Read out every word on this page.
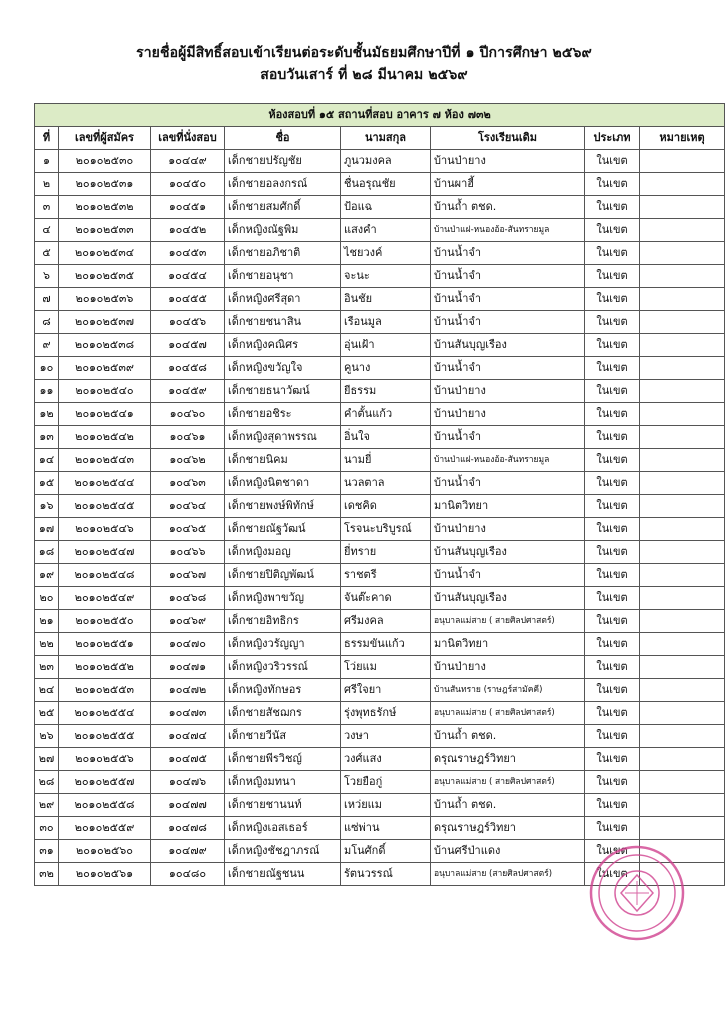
รายชื่อผู้มีสิทธิ์สอบเข้าเรียนต่อระดับชั้นมัธยมศึกษาปีที่ ๑ ปีการศึกษา ๒๕๖๙
สอบวันเสาร์ ที่ ๒๘ มีนาคม ๒๕๖๙
ห้องสอบที่ ๑๕ สถานที่สอบ อาคาร ๗ ห้อง ๗๓๒							
ที่	เลขที่ผู้สมัคร	เลขที่นั่งสอบ	ชื่อ	นามสกุล	โรงเรียนเดิม	ประเภท	หมายเหตุ
๑	๒๐๑๐๒๕๓๐	๑๐๔๔๙	เด็กชายปรัญชัย	ภูนวมงคล	บ้านป่ายาง	ในเขต	
๒	๒๐๑๐๒๕๓๑	๑๐๔๕๐	เด็กชายอลงกรณ์	ชื่นอรุณชัย	บ้านผาฮี้	ในเขต	
๓	๒๐๑๐๒๕๓๒	๑๐๔๕๑	เด็กชายสมศักดิ์	ป้อแฉ	บ้านถ้ำ ตชด.	ในเขต	
๔	๒๐๑๐๒๕๓๓	๑๐๔๕๒	เด็กหญิงณัฐพิม	แสงคำ	บ้านป่าแฝ-หนองอ้อ-สันทรายมูล	ในเขต	
๕	๒๐๑๐๒๕๓๔	๑๐๔๕๓	เด็กชายอภิชาติ	ไชยวงค์	บ้านน้ำจำ	ในเขต	
๖	๒๐๑๐๒๕๓๕	๑๐๔๕๔	เด็กชายอนุชา	จะนะ	บ้านน้ำจำ	ในเขต	
๗	๒๐๑๐๒๕๓๖	๑๐๔๕๕	เด็กหญิงศรีสุดา	อินชัย	บ้านน้ำจำ	ในเขต	
๘	๒๐๑๐๒๕๓๗	๑๐๔๕๖	เด็กชายชนาสิน	เรือนมูล	บ้านน้ำจำ	ในเขต	
๙	๒๐๑๐๒๕๓๘	๑๐๔๕๗	เด็กหญิงคณิศร	อุ่นเฝ้า	บ้านสันบุญเรือง	ในเขต	
๑๐	๒๐๑๐๒๕๓๙	๑๐๔๕๘	เด็กหญิงขวัญใจ	คูนาง	บ้านน้ำจำ	ในเขต	
๑๑	๒๐๑๐๒๕๔๐	๑๐๔๕๙	เด็กชายธนาวัฒน์	ยีธรรม	บ้านป่ายาง	ในเขต	
๑๒	๒๐๑๐๒๕๔๑	๑๐๔๖๐	เด็กชายอชิระ	คำตั้นแก้ว	บ้านป่ายาง	ในเขต	
๑๓	๒๐๑๐๒๕๔๒	๑๐๔๖๑	เด็กหญิงสุดาพรรณ	อิ่นใจ	บ้านน้ำจำ	ในเขต	
๑๔	๒๐๑๐๒๕๔๓	๑๐๔๖๒	เด็กชายนิคม	นามยี่	บ้านป่าแฝ-หนองอ้อ-สันทรายมูล	ในเขต	
๑๕	๒๐๑๐๒๕๔๔	๑๐๔๖๓	เด็กหญิงนิตชาดา	นวลตาล	บ้านน้ำจำ	ในเขต	
๑๖	๒๐๑๐๒๕๔๕	๑๐๔๖๔	เด็กชายพงษ์พิทักษ์	เดชคิด	มานิตวิทยา	ในเขต	
๑๗	๒๐๑๐๒๕๔๖	๑๐๔๖๕	เด็กชายณัฐวัฒน์	โรจนะบริบูรณ์	บ้านป่ายาง	ในเขต	
๑๘	๒๐๑๐๒๕๔๗	๑๐๔๖๖	เด็กหญิงมอญ	ยี่ทราย	บ้านสันบุญเรือง	ในเขต	
๑๙	๒๐๑๐๒๕๔๘	๑๐๔๖๗	เด็กชายปิติญพัฒน์	ราชตรี	บ้านน้ำจำ	ในเขต	
๒๐	๒๐๑๐๒๕๔๙	๑๐๔๖๘	เด็กหญิงพาขวัญ	จันต๊ะคาด	บ้านสันบุญเรือง	ในเขต	
๒๑	๒๐๑๐๒๕๕๐	๑๐๔๖๙	เด็กชายอิทธิกร	ศรีมงคล	อนุบาลแม่สาย ( สายศิลปศาสตร์)	ในเขต	
๒๒	๒๐๑๐๒๕๕๑	๑๐๔๗๐	เด็กหญิงวรัญญา	ธรรมขันแก้ว	มานิตวิทยา	ในเขต	
๒๓	๒๐๑๐๒๕๕๒	๑๐๔๗๑	เด็กหญิงวริวรรณ์	โว่ยแม	บ้านป่ายาง	ในเขต	
๒๔	๒๐๑๐๒๕๕๓	๑๐๔๗๒	เด็กหญิงทักษอร	ศรีใจยา	บ้านสันทราย (ราษฎร์สามัคคี)	ในเขต	
๒๕	๒๐๑๐๒๕๕๔	๑๐๔๗๓	เด็กชายสัชฌกร	รุ่งพุทธรักษ์	อนุบาลแม่สาย ( สายศิลปศาสตร์)	ในเขต	
๒๖	๒๐๑๐๒๕๕๕	๑๐๔๗๔	เด็กชายวีนัส	วงษา	บ้านถ้ำ ตชด.	ในเขต	
๒๗	๒๐๑๐๒๕๕๖	๑๐๔๗๕	เด็กชายพีรวิชญ์	วงศ์แสง	ดรุณราษฎร์วิทยา	ในเขต	
๒๘	๒๐๑๐๒๕๕๗	๑๐๔๗๖	เด็กหญิงมทนา	โวยยือกู่	อนุบาลแม่สาย ( สายศิลปศาสตร์)	ในเขต	
๒๙	๒๐๑๐๒๕๕๘	๑๐๔๗๗	เด็กชายชานนท์	เหว่ยแม	บ้านถ้ำ ตชด.	ในเขต	
๓๐	๒๐๑๐๒๕๕๙	๑๐๔๗๘	เด็กหญิงเอสเธอร์	แซ่พ่าน	ดรุณราษฎร์วิทยา	ในเขต	
๓๑	๒๐๑๐๒๕๖๐	๑๐๔๗๙	เด็กหญิงชัชฎาภรณ์	มโนศักดิ์	บ้านศรีป่าแดง	ในเขต	
๓๒	๒๐๑๐๒๕๖๑	๑๐๔๘๐	เด็กชายณัฐชนน	รัตนวรรณ์	อนุบาลแม่สาย (สายศิลปศาสตร์)	ในเขต	
